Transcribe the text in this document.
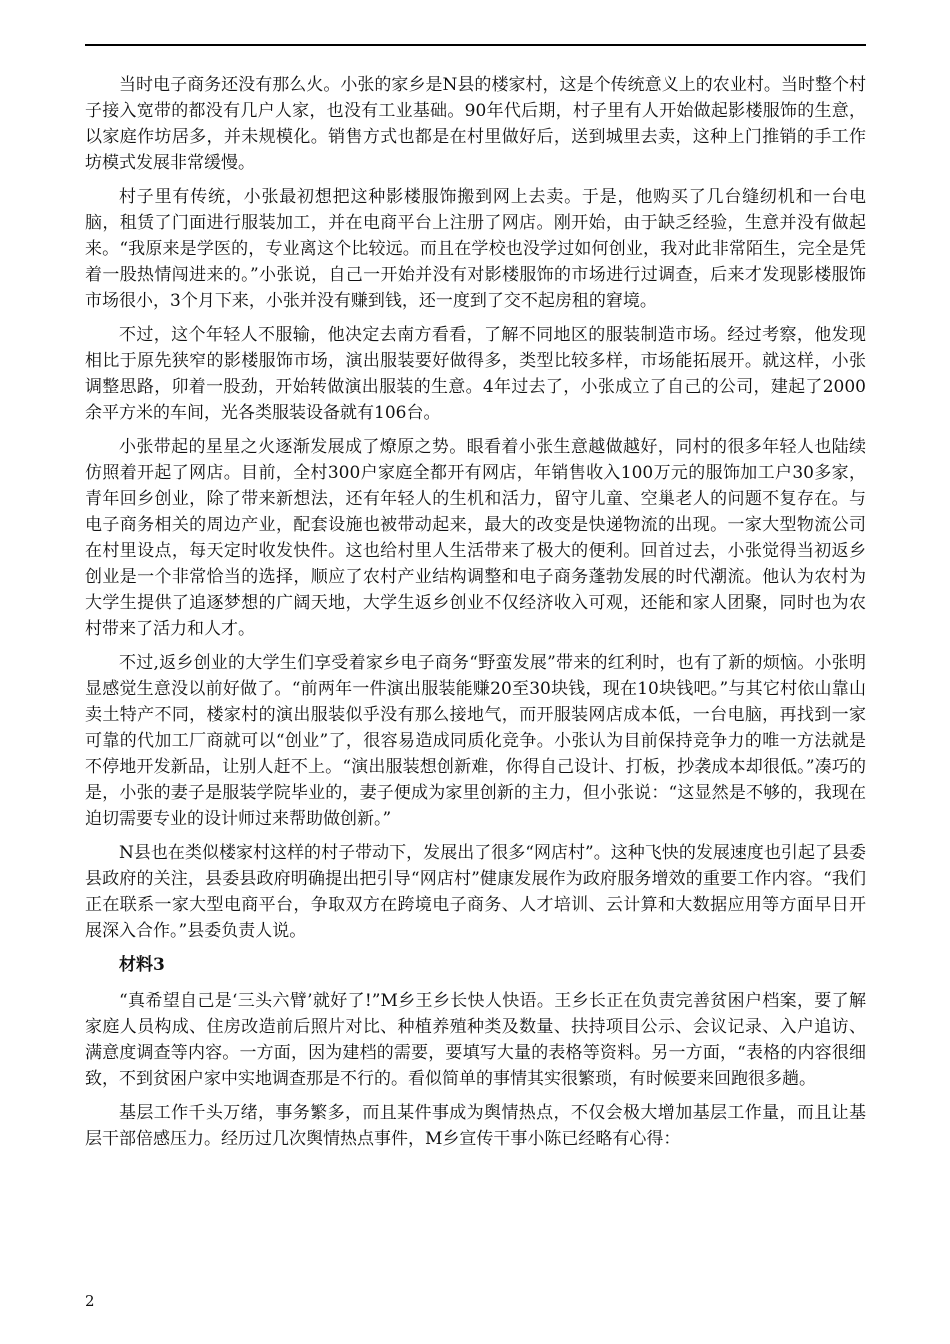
当时电子商务还没有那么火。小张的家乡是N县的楼家村，这是个传统意义上的农业村。当时整个村子接入宽带的都没有几户人家，也没有工业基础。90年代后期，村子里有人开始做起影楼服饰的生意，以家庭作坊居多，并未规模化。销售方式也都是在村里做好后，送到城里去卖，这种上门推销的手工作坊模式发展非常缓慢。

村子里有传统，小张最初想把这种影楼服饰搬到网上去卖。于是，他购买了几台缝纫机和一台电脑，租赁了门面进行服装加工，并在电商平台上注册了网店。刚开始，由于缺乏经验，生意并没有做起来。“我原来是学医的，专业离这个比较远。而且在学校也没学过如何创业，我对此非常陌生，完全是凭着一股热情闯进来的。”小张说，自己一开始并没有对影楼服饰的市场进行过调查，后来才发现影楼服饰市场很小，3个月下来，小张并没有赚到钱，还一度到了交不起房租的窘境。

不过，这个年轻人不服输，他决定去南方看看，了解不同地区的服装制造市场。经过考察，他发现相比于原先狭窄的影楼服饰市场，演出服装要好做得多，类型比较多样，市场能拓展开。就这样，小张调整思路，卯着一股劲，开始转做演出服装的生意。4年过去了，小张成立了自己的公司，建起了2000余平方米的车间，光各类服装设备就有106台。

小张带起的星星之火逐渐发展成了燎原之势。眼看着小张生意越做越好，同村的很多年轻人也陆续仿照着开起了网店。目前，全村300户家庭全都开有网店，年销售收入100万元的服饰加工户30多家，青年回乡创业，除了带来新想法，还有年轻人的生机和活力，留守儿童、空巢老人的问题不复存在。与电子商务相关的周边产业，配套设施也被带动起来，最大的改变是快递物流的出现。一家大型物流公司在村里设点，每天定时收发快件。这也给村里人生活带来了极大的便利。回首过去，小张觉得当初返乡创业是一个非常恰当的选择，顺应了农村产业结构调整和电子商务蓬勃发展的时代潮流。他认为农村为大学生提供了追逐梦想的广阔天地，大学生返乡创业不仅经济收入可观，还能和家人团聚，同时也为农村带来了活力和人才。

不过,返乡创业的大学生们享受着家乡电子商务“野蛮发展”带来的红利时，也有了新的烦恼。小张明显感觉生意没以前好做了。“前两年一件演出服装能赚20至30块钱，现在10块钱吧。”与其它村依山靠山卖土特产不同，楼家村的演出服装似乎没有那么接地气，而开服装网店成本低，一台电脑，再找到一家可靠的代加工厂商就可以“创业”了，很容易造成同质化竞争。小张认为目前保持竞争力的唯一方法就是不停地开发新品，让别人赶不上。“演出服装想创新难，你得自己设计、打板，抄袭成本却很低。”凑巧的是，小张的妻子是服装学院毕业的，妻子便成为家里创新的主力，但小张说：“这显然是不够的，我现在迫切需要专业的设计师过来帮助做创新。”

N县也在类似楼家村这样的村子带动下，发展出了很多“网店村”。这种飞快的发展速度也引起了县委县政府的关注，县委县政府明确提出把引导“网店村”健康发展作为政府服务增效的重要工作内容。“我们正在联系一家大型电商平台，争取双方在跨境电子商务、人才培训、云计算和大数据应用等方面早日开展深入合作。”县委负责人说。

材料3

“真希望自己是‘三头六臂’就好了!”M乡王乡长快人快语。王乡长正在负责完善贫困户档案，要了解家庭人员构成、住房改造前后照片对比、种植养殖种类及数量、扶持项目公示、会议记录、入户追访、满意度调查等内容。一方面，因为建档的需要，要填写大量的表格等资料。另一方面，“表格的内容很细致，不到贫困户家中实地调查那是不行的。看似简单的事情其实很繁琐，有时候要来回跑很多趟。

基层工作千头万绪，事务繁多，而且某件事成为舆情热点，不仅会极大增加基层工作量，而且让基层干部倍感压力。经历过几次舆情热点事件，M乡宣传干事小陈已经略有心得：

2
